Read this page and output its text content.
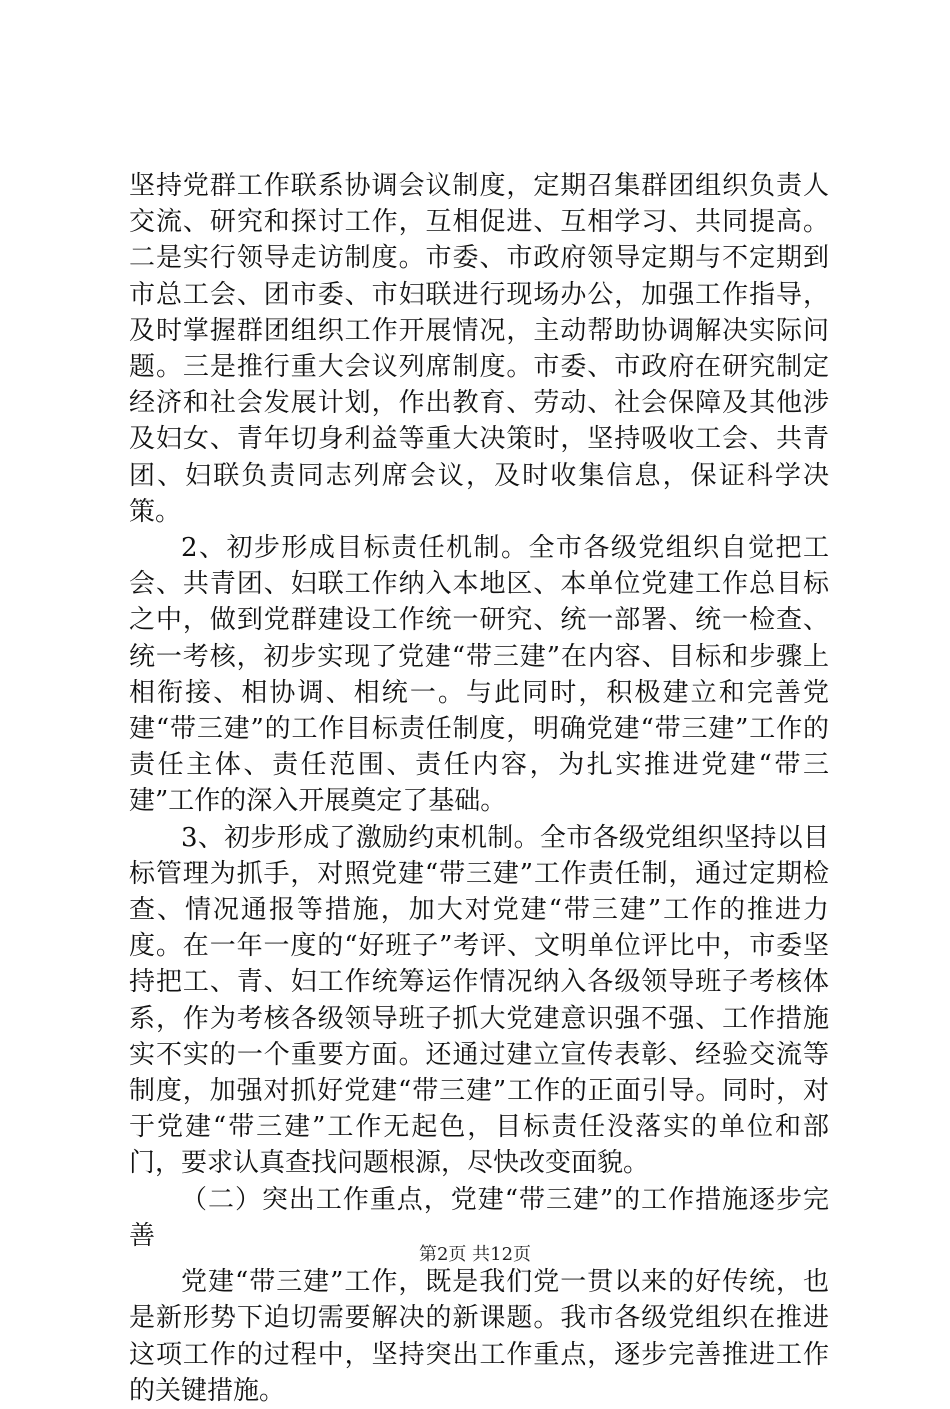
坚持党群工作联系协调会议制度，定期召集群团组织负责人交流、研究和探讨工作，互相促进、互相学习、共同提高。二是实行领导走访制度。市委、市政府领导定期与不定期到市总工会、团市委、市妇联进行现场办公，加强工作指导，及时掌握群团组织工作开展情况，主动帮助协调解决实际问题。三是推行重大会议列席制度。市委、市政府在研究制定经济和社会发展计划，作出教育、劳动、社会保障及其他涉及妇女、青年切身利益等重大决策时，坚持吸收工会、共青团、妇联负责同志列席会议，及时收集信息，保证科学决策。

2、初步形成目标责任机制。全市各级党组织自觉把工会、共青团、妇联工作纳入本地区、本单位党建工作总目标之中，做到党群建设工作统一研究、统一部署、统一检查、统一考核，初步实现了党建“带三建”在内容、目标和步骤上相衔接、相协调、相统一。与此同时，积极建立和完善党建“带三建”的工作目标责任制度，明确党建“带三建”工作的责任主体、责任范围、责任内容，为扎实推进党建“带三建”工作的深入开展奠定了基础。

3、初步形成了激励约束机制。全市各级党组织坚持以目标管理为抓手，对照党建“带三建”工作责任制，通过定期检查、情况通报等措施，加大对党建“带三建”工作的推进力度。在一年一度的“好班子”考评、文明单位评比中，市委坚持把工、青、妇工作统筹运作情况纳入各级领导班子考核体系，作为考核各级领导班子抓大党建意识强不强、工作措施实不实的一个重要方面。还通过建立宣传表彰、经验交流等制度，加强对抓好党建“带三建”工作的正面引导。同时，对于党建“带三建”工作无起色，目标责任没落实的单位和部门，要求认真查找问题根源，尽快改变面貌。

（二）突出工作重点，党建“带三建”的工作措施逐步完善

党建“带三建”工作，既是我们党一贯以来的好传统，也是新形势下迫切需要解决的新课题。我市各级党组织在推进这项工作的过程中，坚持突出工作重点，逐步完善推进工作的关键措施。

第2页 共12页
